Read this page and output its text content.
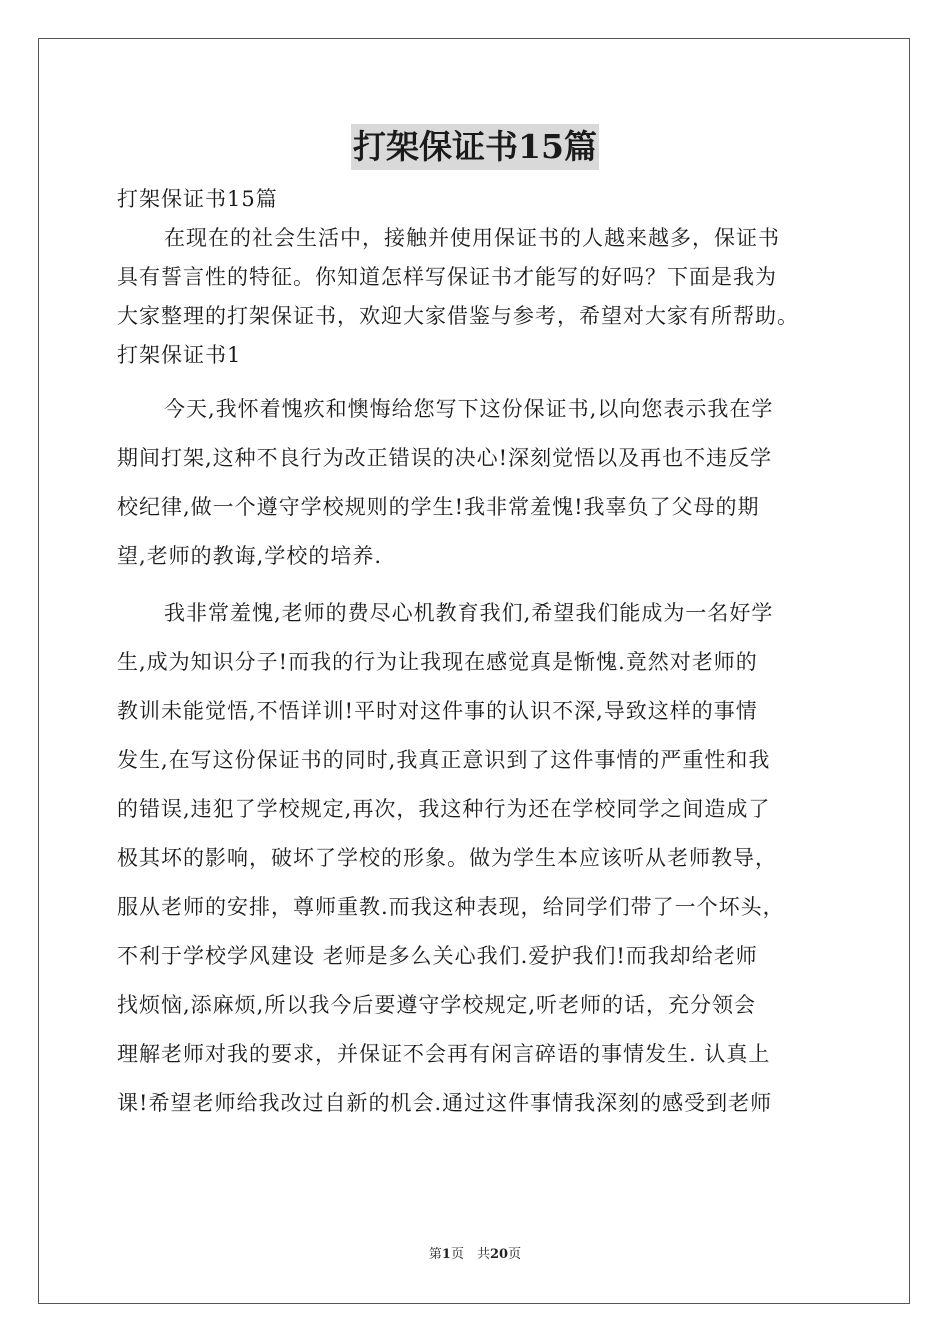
打架保证书15篇
打架保证书15篇
在现在的社会生活中，接触并使用保证书的人越来越多，保证书
具有誓言性的特征。你知道怎样写保证书才能写的好吗？下面是我为
大家整理的打架保证书，欢迎大家借鉴与参考，希望对大家有所帮助。
打架保证书1
今天,我怀着愧疚和懊悔给您写下这份保证书,以向您表示我在学
期间打架,这种不良行为改正错误的决心!深刻觉悟以及再也不违反学
校纪律,做一个遵守学校规则的学生!我非常羞愧!我辜负了父母的期
望,老师的教诲,学校的培养.
我非常羞愧,老师的费尽心机教育我们,希望我们能成为一名好学
生,成为知识分子!而我的行为让我现在感觉真是惭愧.竟然对老师的
教训未能觉悟,不悟详训!平时对这件事的认识不深,导致这样的事情
发生,在写这份保证书的同时,我真正意识到了这件事情的严重性和我
的错误,违犯了学校规定,再次，我这种行为还在学校同学之间造成了
极其坏的影响，破坏了学校的形象。做为学生本应该听从老师教导，
服从老师的安排，尊师重教.而我这种表现，给同学们带了一个坏头，
不利于学校学风建设 老师是多么关心我们.爱护我们!而我却给老师
找烦恼,添麻烦,所以我今后要遵守学校规定,听老师的话，充分领会
理解老师对我的要求，并保证不会再有闲言碎语的事情发生. 认真上
课!希望老师给我改过自新的机会.通过这件事情我深刻的感受到老师
第1页　共20页
